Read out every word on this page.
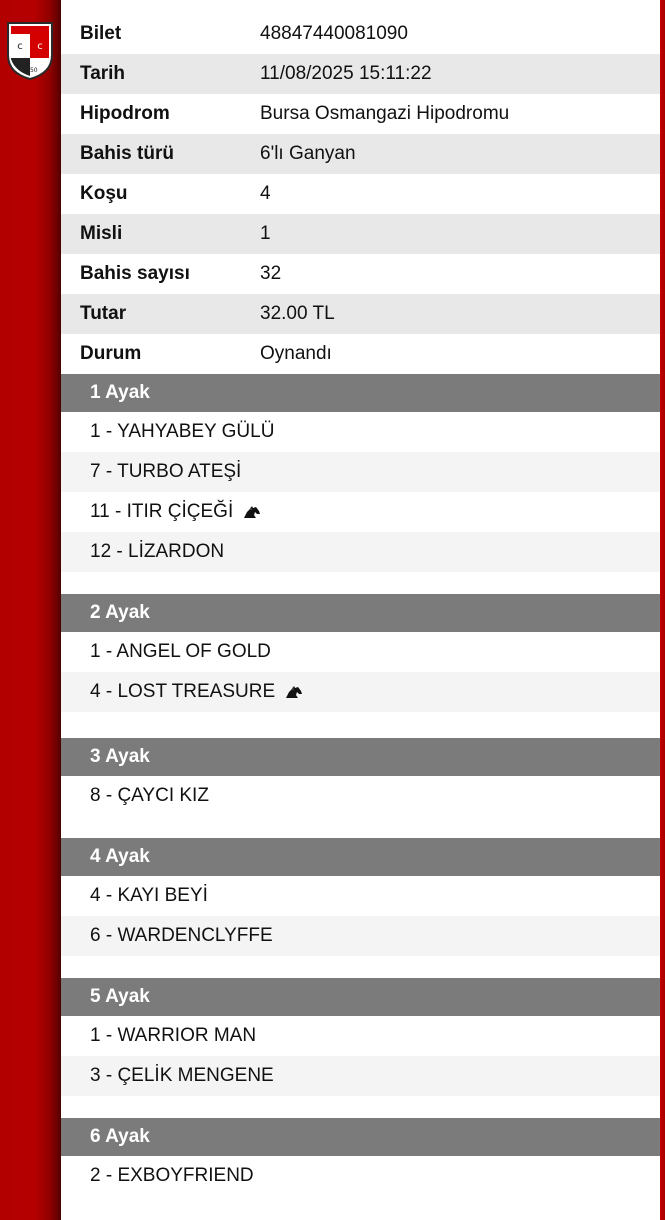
c c
1950
Bilet	48847440081090
Tarih	11/08/2025 15:11:22
Hipodrom	Bursa Osmangazi Hipodromu
Bahis türü	6'lı Ganyan
Koşu	4
Misli	1
Bahis sayısı	32
Tutar	32.00 TL
Durum	Oynandı
1 Ayak
1 - YAHYABEY GÜLÜ
7 - TURBO ATEŞİ
11 - ITIR ÇİÇEĞİ
12 - LİZARDON
2 Ayak
1 - ANGEL OF GOLD
4 - LOST TREASURE
3 Ayak
8 - ÇAYCI KIZ
4 Ayak
4 - KAYI BEYİ
6 - WARDENCLYFFE
5 Ayak
1 - WARRIOR MAN
3 - ÇELİK MENGENE
6 Ayak
2 - EXBOYFRIEND
